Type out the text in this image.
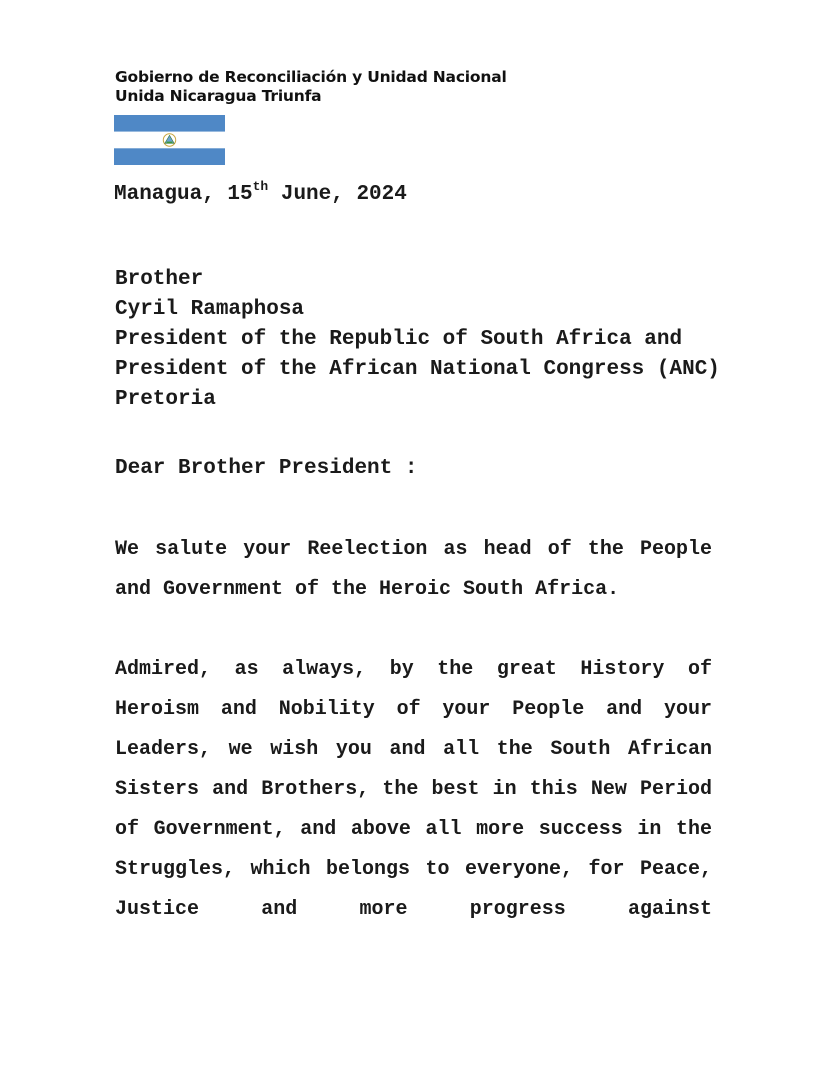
Gobierno de Reconciliación y Unidad Nacional
Unida Nicaragua Triunfa
Managua, 15th June, 2024
Brother
Cyril Ramaphosa
President of the Republic of South Africa and
President of the African National Congress (ANC)
Pretoria
Dear Brother President :
We salute your Reelection as head of the People and Government of the Heroic South Africa.
Admired, as always, by the great History of Heroism and Nobility of your People and your Leaders, we wish you and all the South African Sisters and Brothers, the best in this New Period of Government, and above all more success in the Struggles, which belongs to everyone, for Peace, Justice and more progress against
